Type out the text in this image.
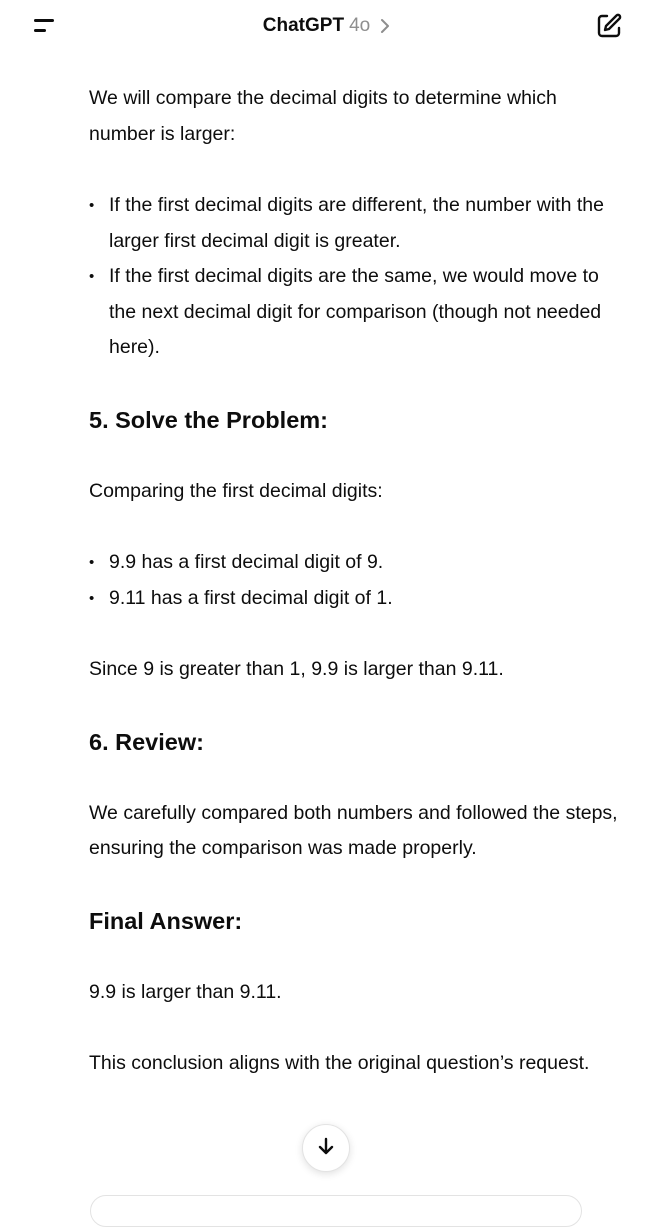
ChatGPT 4o

We will compare the decimal digits to determine which number is larger:

• If the first decimal digits are different, the number with the larger first decimal digit is greater.
• If the first decimal digits are the same, we would move to the next decimal digit for comparison (though not needed here).
5. Solve the Problem:

Comparing the first decimal digits:

• 9.9 has a first decimal digit of 9.
• 9.11 has a first decimal digit of 1.

Since 9 is greater than 1, 9.9 is larger than 9.11.

6. Review:

We carefully compared both numbers and followed the steps, ensuring the comparison was made properly.

Final Answer:

9.9 is larger than 9.11.

This conclusion aligns with the original question’s request.
